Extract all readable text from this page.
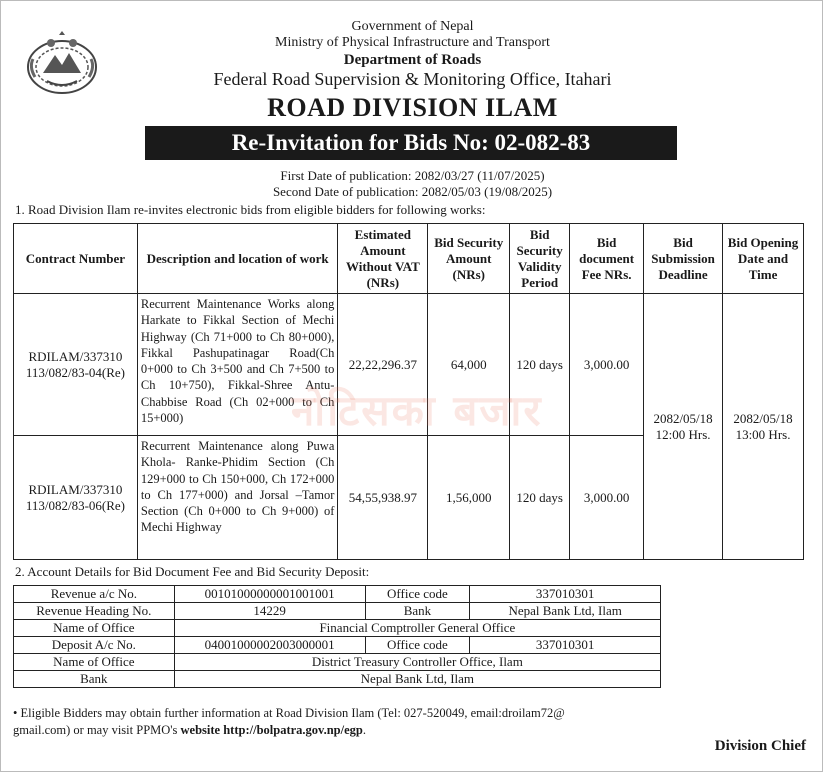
Government of Nepal
Ministry of Physical Infrastructure and Transport
Department of Roads
Federal Road Supervision & Monitoring Office, Itahari
ROAD DIVISION ILAM
Re-Invitation for Bids No: 02-082-83
First Date of publication: 2082/03/27 (11/07/2025)
Second Date of publication: 2082/05/03 (19/08/2025)
1. Road Division Ilam re-invites electronic bids from eligible bidders for following works:
Contract Number	Description and location of work	Estimated Amount Without VAT (NRs)	Bid Security Amount (NRs)	Bid Security Validity Period	Bid document Fee NRs.	Bid Submission Deadline	Bid Opening Date and Time
RDILAM/337310 113/082/83-04(Re)	Recurrent Maintenance Works along Harkate to Fikkal Section of Mechi Highway (Ch 71+000 to Ch 80+000), Fikkal Pashupatinagar Road(Ch 0+000 to Ch 3+500 and Ch 7+500 to Ch 10+750), Fikkal-Shree Antu-Chabbise Road (Ch 02+000 to Ch 15+000)	22,22,296.37	64,000	120 days	3,000.00	2082/05/18 12:00 Hrs.	2082/05/18 13:00 Hrs.
RDILAM/337310 113/082/83-06(Re)	Recurrent Maintenance along Puwa Khola- Ranke-Phidim Section (Ch 129+000 to Ch 150+000, Ch 172+000 to Ch 177+000) and Jorsal –Tamor Section (Ch 0+000 to Ch 9+000) of Mechi Highway	54,55,938.97	1,56,000	120 days	3,000.00		
नोटिसका बजार
2. Account Details for Bid Document Fee and Bid Security Deposit:
Revenue a/c No.	00101000000001001001	Office code	337010301
Revenue Heading No.	14229	Bank	Nepal Bank Ltd, Ilam
Name of Office	Financial Comptroller General Office		
Deposit A/c No.	04001000002003000001	Office code	337010301
Name of Office	District Treasury Controller Office, Ilam		
Bank	Nepal Bank Ltd, Ilam		
• Eligible Bidders may obtain further information at Road Division Ilam (Tel: 027-520049, email:droilam72@ gmail.com) or may visit PPMO's website http://bolpatra.gov.np/egp.
Division Chief
